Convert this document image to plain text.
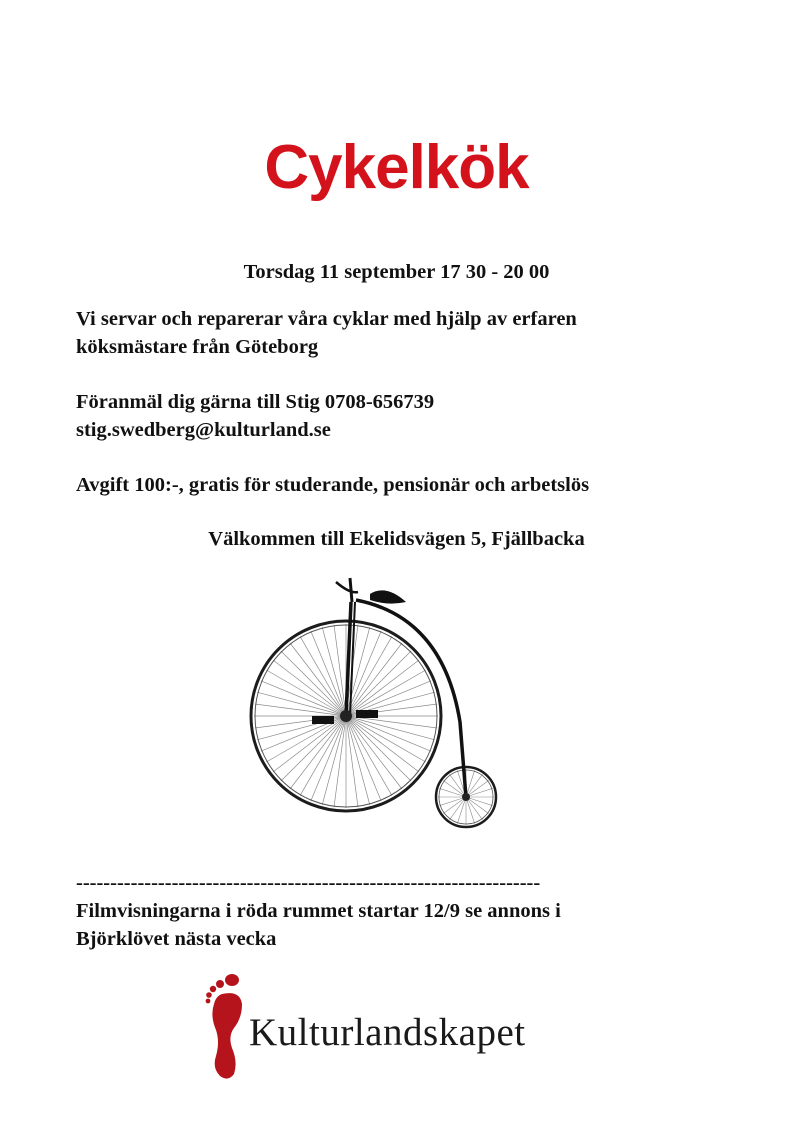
Cykelkök
Torsdag 11 september 17 30 - 20 00
Vi servar och reparerar våra cyklar med hjälp av erfaren
köksmästare från Göteborg
Föranmäl dig gärna till Stig 0708-656739
stig.swedberg@kulturland.se
Avgift 100:-, gratis för studerande, pensionär och arbetslös
Välkommen till Ekelidsvägen 5, Fjällbacka
--------------------------------------------------------------------
Filmvisningarna i röda rummet startar 12/9 se annons i
Björklövet nästa vecka
Kulturlandskapet
